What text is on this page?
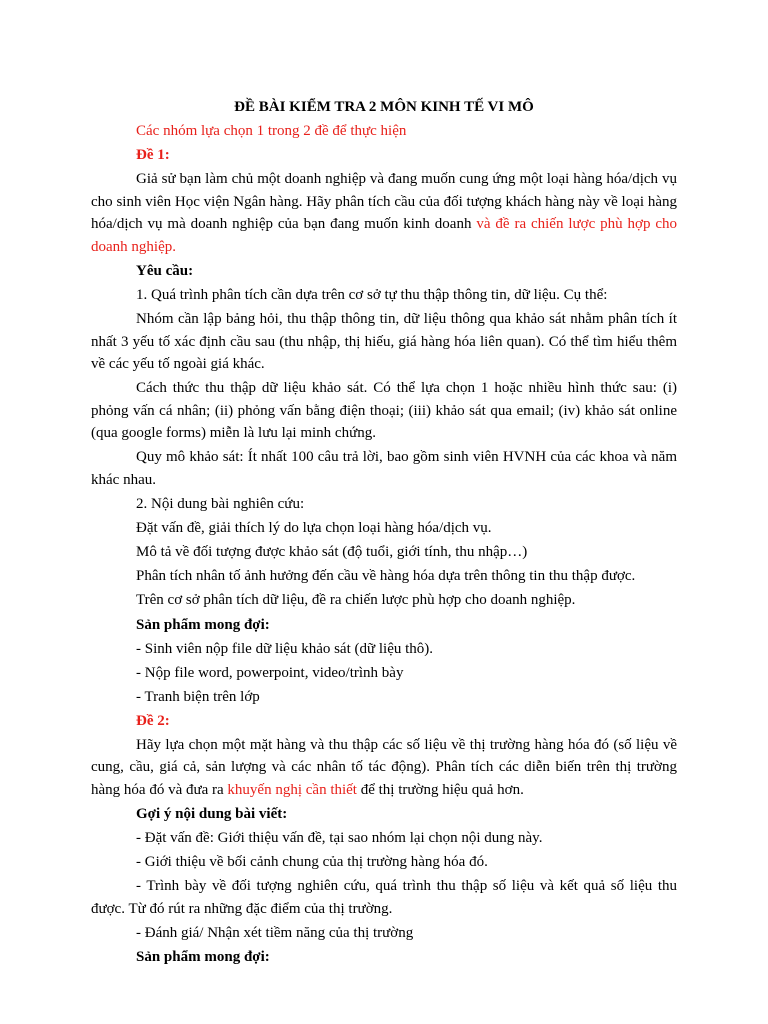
ĐỀ BÀI KIỂM TRA 2 MÔN KINH TẾ VI MÔ

Các nhóm lựa chọn 1 trong 2 đề để thực hiện

Đề 1:

Giả sử bạn làm chủ một doanh nghiệp và đang muốn cung ứng một loại hàng hóa/dịch vụ cho sinh viên Học viện Ngân hàng. Hãy phân tích cầu của đối tượng khách hàng này về loại hàng hóa/dịch vụ mà doanh nghiệp của bạn đang muốn kinh doanh và đề ra chiến lược phù hợp cho doanh nghiệp.

Yêu cầu:

1. Quá trình phân tích cần dựa trên cơ sở tự thu thập thông tin, dữ liệu. Cụ thể:

Nhóm cần lập bảng hỏi, thu thập thông tin, dữ liệu thông qua khảo sát nhằm phân tích ít nhất 3 yếu tố xác định cầu sau (thu nhập, thị hiếu, giá hàng hóa liên quan). Có thể tìm hiểu thêm về các yếu tố ngoài giá khác.

Cách thức thu thập dữ liệu khảo sát. Có thể lựa chọn 1 hoặc nhiều hình thức sau: (i) phỏng vấn cá nhân; (ii) phỏng vấn bằng điện thoại; (iii) khảo sát qua email; (iv) khảo sát online (qua google forms) miễn là lưu lại minh chứng.

Quy mô khảo sát: Ít nhất 100 câu trả lời, bao gồm sinh viên HVNH của các khoa và năm khác nhau.

2. Nội dung bài nghiên cứu:

Đặt vấn đề, giải thích lý do lựa chọn loại hàng hóa/dịch vụ.

Mô tả về đối tượng được khảo sát (độ tuổi, giới tính, thu nhập…)

Phân tích nhân tố ảnh hưởng đến cầu về hàng hóa dựa trên thông tin thu thập được.

Trên cơ sở phân tích dữ liệu, đề ra chiến lược phù hợp cho doanh nghiệp.

Sản phẩm mong đợi:

- Sinh viên nộp file dữ liệu khảo sát (dữ liệu thô).

- Nộp file word, powerpoint, video/trình bày

- Tranh biện trên lớp

Đề 2:

Hãy lựa chọn một mặt hàng và thu thập các số liệu về thị trường hàng hóa đó (số liệu về cung, cầu, giá cả, sản lượng và các nhân tố tác động). Phân tích các diễn biến trên thị trường hàng hóa đó và đưa ra khuyến nghị cần thiết để thị trường hiệu quả hơn.

Gợi ý nội dung bài viết:

- Đặt vấn đề: Giới thiệu vấn đề, tại sao nhóm lại chọn nội dung này.

- Giới thiệu về bối cảnh chung của thị trường hàng hóa đó.

- Trình bày về đối tượng nghiên cứu, quá trình thu thập số liệu và kết quả số liệu thu được. Từ đó rút ra những đặc điểm của thị trường.

- Đánh giá/ Nhận xét tiềm năng của thị trường

Sản phẩm mong đợi:
